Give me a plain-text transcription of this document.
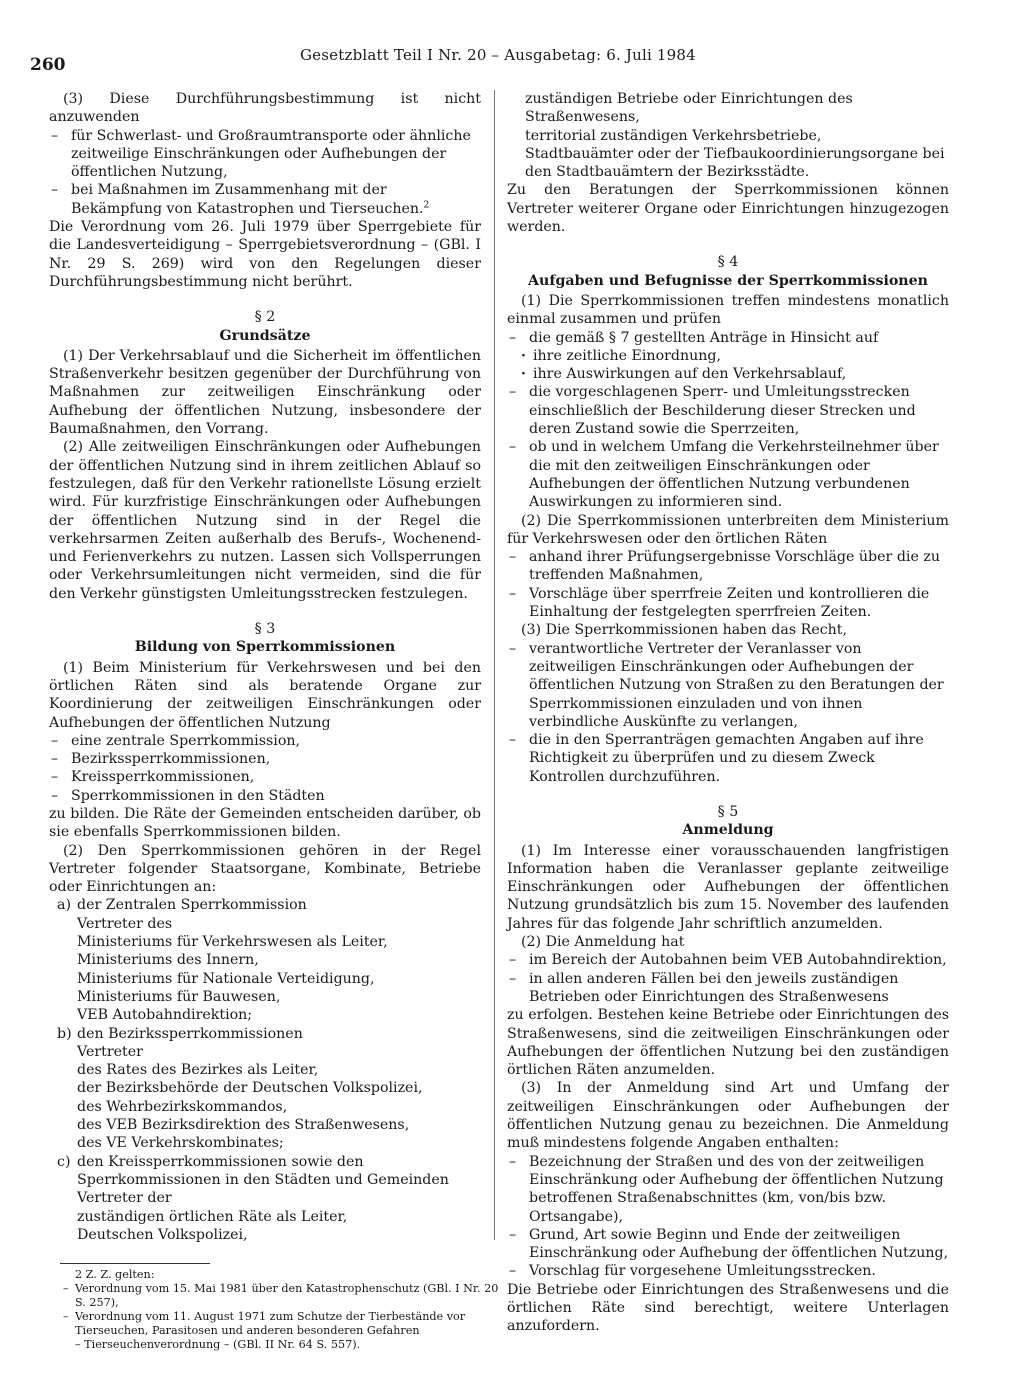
260	Gesetzblatt Teil I Nr. 20 – Ausgabetag: 6. Juli 1984

(3) Diese Durchführungsbestimmung ist nicht anzuwenden

– für Schwerlast- und Großraumtransporte oder ähnliche zeitweilige Einschränkungen oder Aufhebungen der öffentlichen Nutzung,

– bei Maßnahmen im Zusammenhang mit der Bekämpfung von Katastrophen und Tierseuchen.$^2$

Die Verordnung vom 26. Juli 1979 über Sperrgebiete für die Landesverteidigung – Sperrgebietsverordnung – (GBl. I Nr. 29 S. 269) wird von den Regelungen dieser Durchführungsbestimmung nicht berührt.

§ 2

Grundsätze

(1) Der Verkehrsablauf und die Sicherheit im öffentlichen Straßenverkehr besitzen gegenüber der Durchführung von Maßnahmen zur zeitweiligen Einschränkung oder Aufhebung der öffentlichen Nutzung, insbesondere der Baumaßnahmen, den Vorrang.

(2) Alle zeitweiligen Einschränkungen oder Aufhebungen der öffentlichen Nutzung sind in ihrem zeitlichen Ablauf so festzulegen, daß für den Verkehr rationellste Lösung erzielt wird. Für kurzfristige Einschränkungen oder Aufhebungen der öffentlichen Nutzung sind in der Regel die verkehrsarmen Zeiten außerhalb des Berufs-, Wochenend- und Ferienverkehrs zu nutzen. Lassen sich Vollsperrungen oder Verkehrsumleitungen nicht vermeiden, sind die für den Verkehr günstigsten Umleitungsstrecken festzulegen.

§ 3

Bildung von Sperrkommissionen

(1) Beim Ministerium für Verkehrswesen und bei den örtlichen Räten sind als beratende Organe zur Koordinierung der zeitweiligen Einschränkungen oder Aufhebungen der öffentlichen Nutzung

– eine zentrale Sperrkommission,

– Bezirkssperrkommissionen,

– Kreissperrkommissionen,

– Sperrkommissionen in den Städten

zu bilden. Die Räte der Gemeinden entscheiden darüber, ob sie ebenfalls Sperrkommissionen bilden.

(2) Den Sperrkommissionen gehören in der Regel Vertreter folgender Staatsorgane, Kombinate, Betriebe oder Einrichtungen an:

a) der Zentralen Sperrkommission

Vertreter des

Ministeriums für Verkehrswesen als Leiter,

Ministeriums des Innern,

Ministeriums für Nationale Verteidigung,

Ministeriums für Bauwesen,

VEB Autobahndirektion;

b) den Bezirkssperrkommissionen

Vertreter

des Rates des Bezirkes als Leiter,

der Bezirksbehörde der Deutschen Volkspolizei,

des Wehrbezirkskommandos,

des VEB Bezirksdirektion des Straßenwesens,

des VE Verkehrskombinates;

c) den Kreissperrkommissionen sowie den Sperrkommissionen in den Städten und Gemeinden

Vertreter der

zuständigen örtlichen Räte als Leiter,

Deutschen Volkspolizei,

2 Z. Z. gelten:

– Verordnung vom 15. Mai 1981 über den Katastrophenschutz (GBl. I Nr. 20 S. 257),

– Verordnung vom 11. August 1971 zum Schutze der Tierbestände vor Tierseuchen, Parasitosen und anderen besonderen Gefahren

– Tierseuchenverordnung – (GBl. II Nr. 64 S. 557).

zuständigen Betriebe oder Einrichtungen des Straßenwesens,

territorial zuständigen Verkehrsbetriebe,

Stadtbauämter oder der Tiefbaukoordinierungsorgane bei den Stadtbauämtern der Bezirksstädte.

Zu den Beratungen der Sperrkommissionen können Vertreter weiterer Organe oder Einrichtungen hinzugezogen werden.

§ 4

Aufgaben und Befugnisse der Sperrkommissionen

(1) Die Sperrkommissionen treffen mindestens monatlich einmal zusammen und prüfen

– die gemäß § 7 gestellten Anträge in Hinsicht auf

· ihre zeitliche Einordnung,

· ihre Auswirkungen auf den Verkehrsablauf,

– die vorgeschlagenen Sperr- und Umleitungsstrecken einschließlich der Beschilderung dieser Strecken und deren Zustand sowie die Sperrzeiten,

– ob und in welchem Umfang die Verkehrsteilnehmer über die mit den zeitweiligen Einschränkungen oder Aufhebungen der öffentlichen Nutzung verbundenen Auswirkungen zu informieren sind.

(2) Die Sperrkommissionen unterbreiten dem Ministerium für Verkehrswesen oder den örtlichen Räten

– anhand ihrer Prüfungsergebnisse Vorschläge über die zu treffenden Maßnahmen,

– Vorschläge über sperrfreie Zeiten und kontrollieren die Einhaltung der festgelegten sperrfreien Zeiten.

(3) Die Sperrkommissionen haben das Recht,

– verantwortliche Vertreter der Veranlasser von zeitweiligen Einschränkungen oder Aufhebungen der öffentlichen Nutzung von Straßen zu den Beratungen der Sperrkommissionen einzuladen und von ihnen verbindliche Auskünfte zu verlangen,

– die in den Sperranträgen gemachten Angaben auf ihre Richtigkeit zu überprüfen und zu diesem Zweck Kontrollen durchzuführen.

§ 5

Anmeldung

(1) Im Interesse einer vorausschauenden langfristigen Information haben die Veranlasser geplante zeitweilige Einschränkungen oder Aufhebungen der öffentlichen Nutzung grundsätzlich bis zum 15. November des laufenden Jahres für das folgende Jahr schriftlich anzumelden.

(2) Die Anmeldung hat

– im Bereich der Autobahnen beim VEB Autobahndirektion,

– in allen anderen Fällen bei den jeweils zuständigen Betrieben oder Einrichtungen des Straßenwesens

zu erfolgen. Bestehen keine Betriebe oder Einrichtungen des Straßenwesens, sind die zeitweiligen Einschränkungen oder Aufhebungen der öffentlichen Nutzung bei den zuständigen örtlichen Räten anzumelden.

(3) In der Anmeldung sind Art und Umfang der zeitweiligen Einschränkungen oder Aufhebungen der öffentlichen Nutzung genau zu bezeichnen. Die Anmeldung muß mindestens folgende Angaben enthalten:

– Bezeichnung der Straßen und des von der zeitweiligen Einschränkung oder Aufhebung der öffentlichen Nutzung betroffenen Straßenabschnittes (km, von/bis bzw. Ortsangabe),

– Grund, Art sowie Beginn und Ende der zeitweiligen Einschränkung oder Aufhebung der öffentlichen Nutzung,

– Vorschlag für vorgesehene Umleitungsstrecken.

Die Betriebe oder Einrichtungen des Straßenwesens und die örtlichen Räte sind berechtigt, weitere Unterlagen anzufordern.
